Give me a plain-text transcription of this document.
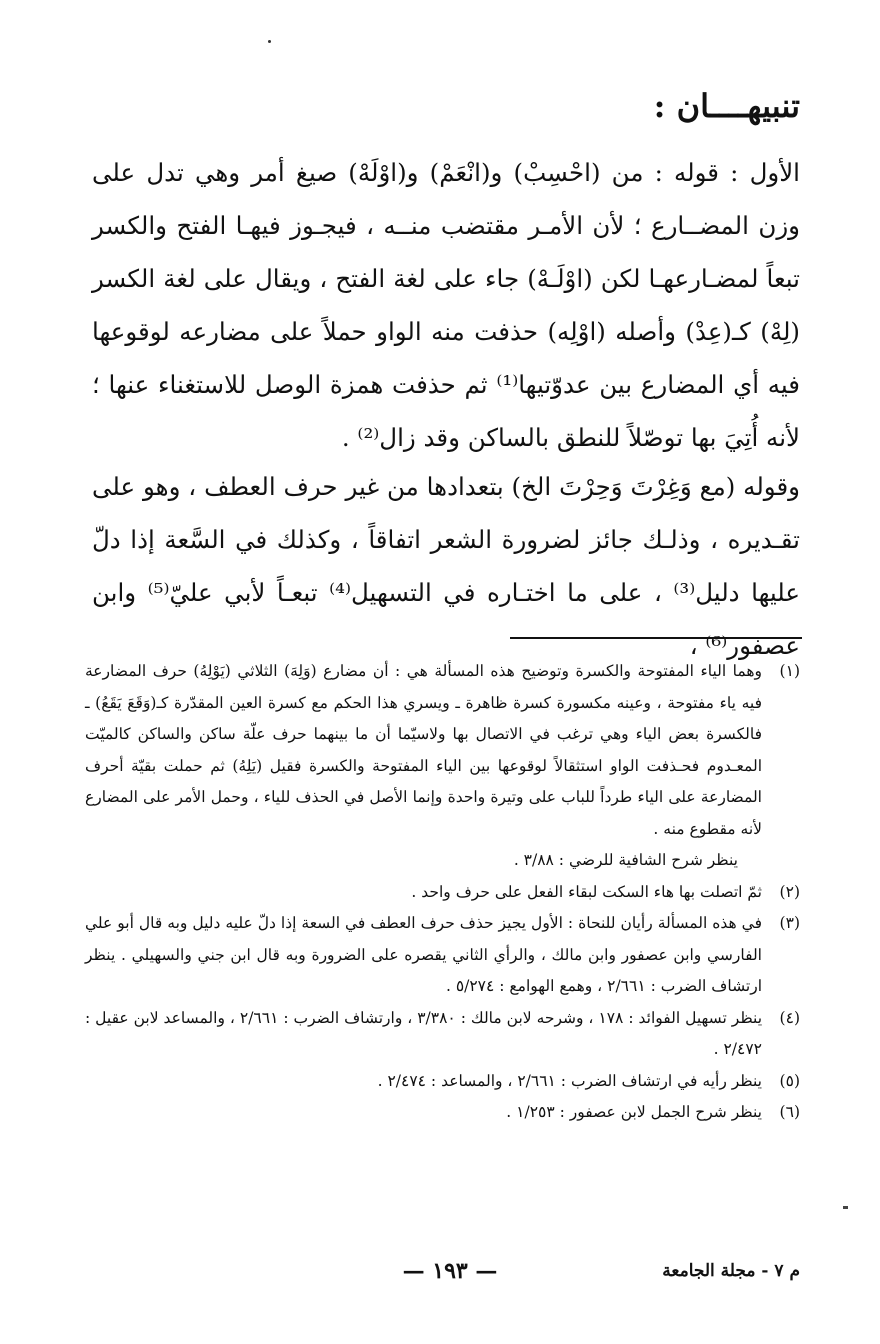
تنبيهــــان :
الأول : قوله : من (احْسِبْ) و(انْعَمْ) و(اوْلَهْ) صيغ أمر وهي تدل على وزن المضــارع ؛ لأن الأمـر مقتضب منــه ، فيجـوز فيهـا الفتح والكسر تبعاً لمضـارعهـا لكن (اوْلَـهْ) جاء على لغة الفتح ، ويقال على لغة الكسر (لِهْ) كـ(عِدْ) وأصله (اوْلِه) حذفت منه الواو حملاً على مضارعه لوقوعها فيه أي المضارع بين عدوّتيها⁽¹⁾ ثم حذفت همزة الوصل للاستغناء عنها ؛ لأنه أُتِيَ بها توصّلاً للنطق بالساكن وقد زال⁽²⁾ .
وقوله (مع وَغِرْتَ وَحِرْتَ الخ) بتعدادها من غير حرف العطف ، وهو على تقـديره ، وذلـك جائز لضرورة الشعر اتفاقاً ، وكذلك في السَّعة إذا دلّ عليها دليل⁽³⁾ ، على ما اختـاره في التسهيل⁽⁴⁾ تبعـاً لأبي عليّ⁽⁵⁾ وابن عصفور⁽⁶⁾ ،
(١)
وهما الياء المفتوحة والكسرة وتوضيح هذه المسألة هي : أن مضارع (وَلِهَ) الثلاثي (يَوْلِهُ) حرف المضارعة فيه ياء مفتوحة ، وعينه مكسورة كسرة ظاهرة ـ ويسري هذا الحكم مع كسرة العين المقدّرة كـ(وَقَعَ يَقَعُ) ـ فالكسرة بعض الياء وهي ترغب في الاتصال بها ولاسيّما أن ما بينهما حرف علّة ساكن والساكن كالميّت المعـدوم فحـذفت الواو استثقالاً لوقوعها بين الياء المفتوحة والكسرة فقيل (يَلِهُ) ثم حملت بقيّة أحرف المضارعة على الياء طرداً للباب على وتيرة واحدة وإنما الأصل في الحذف للياء ، وحمل الأمر على المضارع لأنه مقطوع منه .
ينظر شرح الشافية للرضي : ٣/٨٨ .
(٢)
ثمّ اتصلت بها هاء السكت لبقاء الفعل على حرف واحد .
(٣)
في هذه المسألة رأيان للنحاة : الأول يجيز حذف حرف العطف في السعة إذا دلّ عليه دليل وبه قال أبو علي الفارسي وابن عصفور وابن مالك ، والرأي الثاني يقصره على الضرورة وبه قال ابن جني والسهيلي . ينظر ارتشاف الضرب : ٢/٦٦١ ، وهمع الهوامع : ٥/٢٧٤ .
(٤)
ينظر تسهيل الفوائد : ١٧٨ ، وشرحه لابن مالك : ٣/٣٨٠ ، وارتشاف الضرب : ٢/٦٦١ ، والمساعد لابن عقيل : ٢/٤٧٢ .
(٥)
ينظر رأيه في ارتشاف الضرب : ٢/٦٦١ ، والمساعد : ٢/٤٧٤ .
(٦)
ينظر شرح الجمل لابن عصفور : ١/٢٥٣ .
م ٧ - مجلة الجامعة
— ١٩٣ —
